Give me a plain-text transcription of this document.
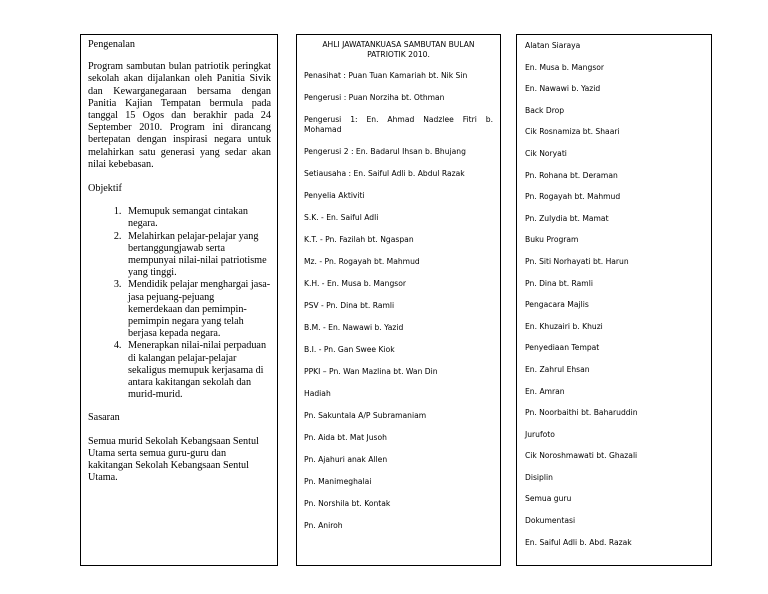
Pengenalan

Program sambutan bulan patriotik peringkat sekolah akan dijalankan oleh Panitia Sivik dan Kewarganegaraan bersama dengan Panitia Kajian Tempatan bermula pada tanggal 15 Ogos dan berakhir pada 24 September 2010. Program ini dirancang bertepatan dengan inspirasi negara untuk melahirkan satu generasi yang sedar akan nilai kebebasan.

Objektif

1. Memupuk semangat cintakan negara.
2. Melahirkan pelajar-pelajar yang bertanggungjawab serta mempunyai nilai-nilai patriotisme yang tinggi.
3. Mendidik pelajar menghargai jasa-jasa pejuang-pejuang kemerdekaan dan pemimpin-pemimpin negara yang telah berjasa kepada negara.
4. Menerapkan nilai-nilai perpaduan di kalangan pelajar-pelajar sekaligus memupuk kerjasama di antara kakitangan sekolah dan murid-murid.

Sasaran

Semua murid Sekolah Kebangsaan Sentul Utama serta semua guru-guru dan kakitangan Sekolah Kebangsaan Sentul Utama.

AHLI JAWATANKUASA SAMBUTAN BULAN PATRIOTIK 2010.

Penasihat : Puan Tuan Kamariah bt. Nik Sin

Pengerusi : Puan Norziha bt. Othman

Pengerusi 1: En. Ahmad Nadzlee Fitri b. Mohamad

Pengerusi 2 : En. Badarul Ihsan b. Bhujang

Setiausaha : En. Saiful Adli b. Abdul Razak

Penyelia Aktiviti

S.K. - En. Saiful Adli

K.T. - Pn. Fazilah bt. Ngaspan

Mz. - Pn. Rogayah bt. Mahmud

K.H. - En. Musa b. Mangsor

PSV - Pn. Dina bt. Ramli

B.M. - En. Nawawi b. Yazid

B.I. - Pn. Gan Swee Kiok

PPKI – Pn. Wan Mazlina bt. Wan Din

Hadiah

Pn. Sakuntala A/P Subramaniam

Pn. Aida bt. Mat Jusoh

Pn. Ajahuri anak Allen

Pn. Manimeghalai

Pn. Norshila bt. Kontak

Pn. Aniroh

Alatan Siaraya

En. Musa b. Mangsor

En. Nawawi b. Yazid

Back Drop

Cik Rosnamiza bt. Shaari

Cik Noryati

Pn. Rohana bt. Deraman

Pn. Rogayah bt. Mahmud

Pn. Zulydia bt. Mamat

Buku Program

Pn. Siti Norhayati bt. Harun

Pn. Dina bt. Ramli

Pengacara Majlis

En. Khuzairi b. Khuzi

Penyediaan Tempat

En. Zahrul Ehsan

En. Amran

Pn. Noorbaithi bt. Baharuddin

Jurufoto

Cik Noroshmawati bt. Ghazali

Disiplin

Semua guru

Dokumentasi

En. Saiful Adli b. Abd. Razak
